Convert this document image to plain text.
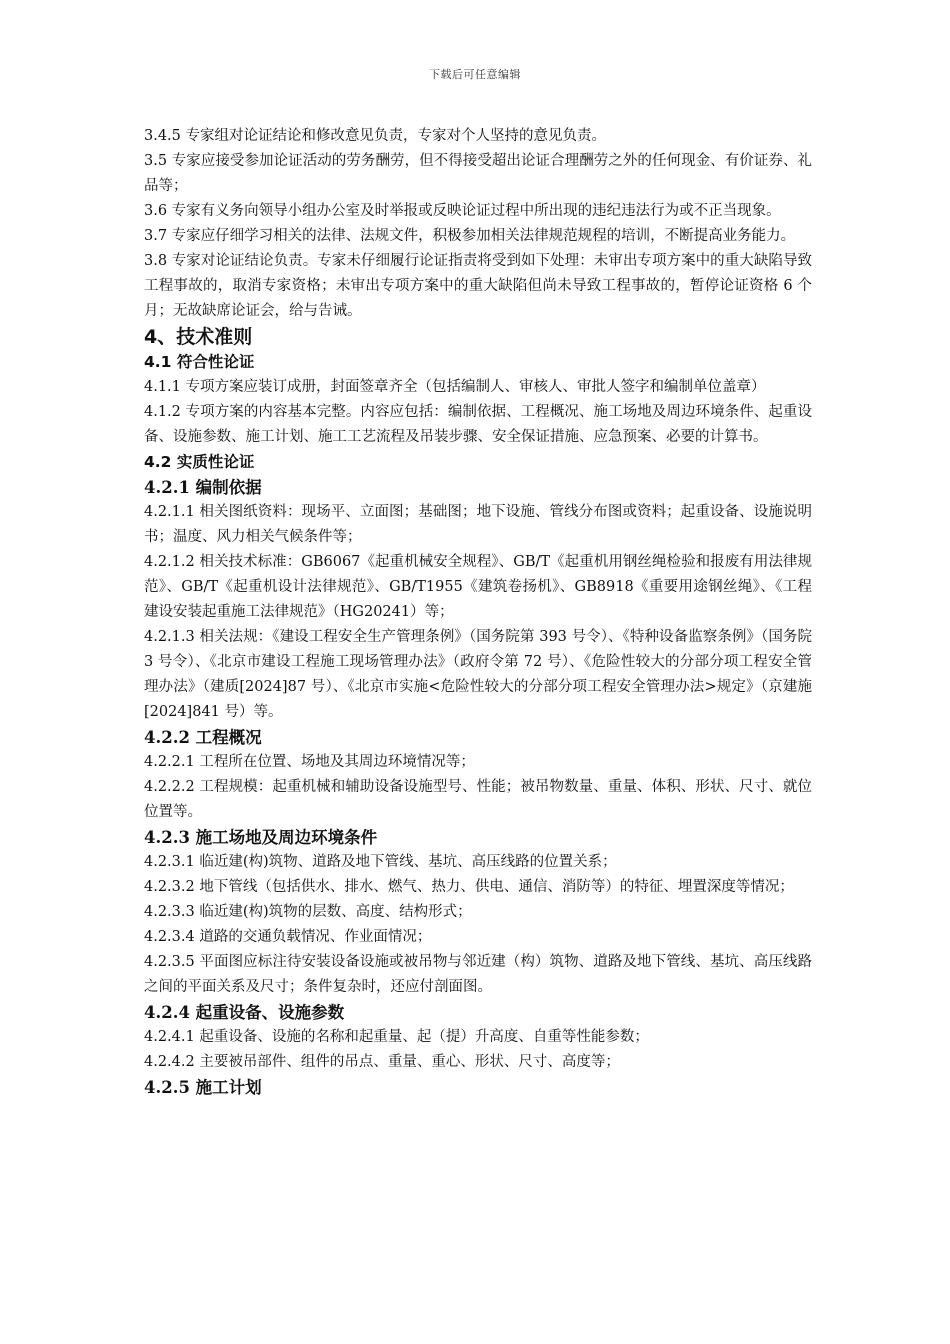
下载后可任意编辑

3.4.5 专家组对论证结论和修改意见负责，专家对个人坚持的意见负责。

3.5 专家应接受参加论证活动的劳务酬劳，但不得接受超出论证合理酬劳之外的任何现金、有价证券、礼品等；

3.6 专家有义务向领导小组办公室及时举报或反映论证过程中所出现的违纪违法行为或不正当现象。

3.7 专家应仔细学习相关的法律、法规文件，积极参加相关法律规范规程的培训，不断提高业务能力。

3.8 专家对论证结论负责。专家未仔细履行论证指责将受到如下处理：未审出专项方案中的重大缺陷导致工程事故的，取消专家资格；未审出专项方案中的重大缺陷但尚未导致工程事故的，暂停论证资格 6 个月；无故缺席论证会，给与告诫。

4、技术准则
4.1 符合性论证

4.1.1 专项方案应装订成册，封面签章齐全（包括编制人、审核人、审批人签字和编制单位盖章）

4.1.2 专项方案的内容基本完整。内容应包括：编制依据、工程概况、施工场地及周边环境条件、起重设备、设施参数、施工计划、施工工艺流程及吊装步骤、安全保证措施、应急预案、必要的计算书。

4.2 实质性论证
4.2.1 编制依据

4.2.1.1 相关图纸资料：现场平、立面图；基础图；地下设施、管线分布图或资料；起重设备、设施说明书；温度、风力相关气候条件等；

4.2.1.2 相关技术标准：GB6067《起重机械安全规程》、GB/T《起重机用钢丝绳检验和报废有用法律规范》、GB/T《起重机设计法律规范》、GB/T1955《建筑卷扬机》、GB8918《重要用途钢丝绳》、《工程建设安装起重施工法律规范》（HG20241）等；

4.2.1.3 相关法规：《建设工程安全生产管理条例》（国务院第 393 号令）、《特种设备监察条例》（国务院 3 号令）、《北京市建设工程施工现场管理办法》（政府令第 72 号）、《危险性较大的分部分项工程安全管理办法》（建质[2024]87 号）、《北京市实施<危险性较大的分部分项工程安全管理办法>规定》（京建施[2024]841 号）等。

4.2.2 工程概况

4.2.2.1 工程所在位置、场地及其周边环境情况等；

4.2.2.2 工程规模：起重机械和辅助设备设施型号、性能；被吊物数量、重量、体积、形状、尺寸、就位位置等。

4.2.3 施工场地及周边环境条件

4.2.3.1 临近建(构)筑物、道路及地下管线、基坑、高压线路的位置关系；

4.2.3.2 地下管线（包括供水、排水、燃气、热力、供电、通信、消防等）的特征、埋置深度等情况；

4.2.3.3 临近建(构)筑物的层数、高度、结构形式；

4.2.3.4 道路的交通负载情况、作业面情况；

4.2.3.5 平面图应标注待安装设备设施或被吊物与邻近建（构）筑物、道路及地下管线、基坑、高压线路之间的平面关系及尺寸；条件复杂时，还应付剖面图。

4.2.4 起重设备、设施参数

4.2.4.1 起重设备、设施的名称和起重量、起（提）升高度、自重等性能参数；

4.2.4.2 主要被吊部件、组件的吊点、重量、重心、形状、尺寸、高度等；

4.2.5 施工计划
